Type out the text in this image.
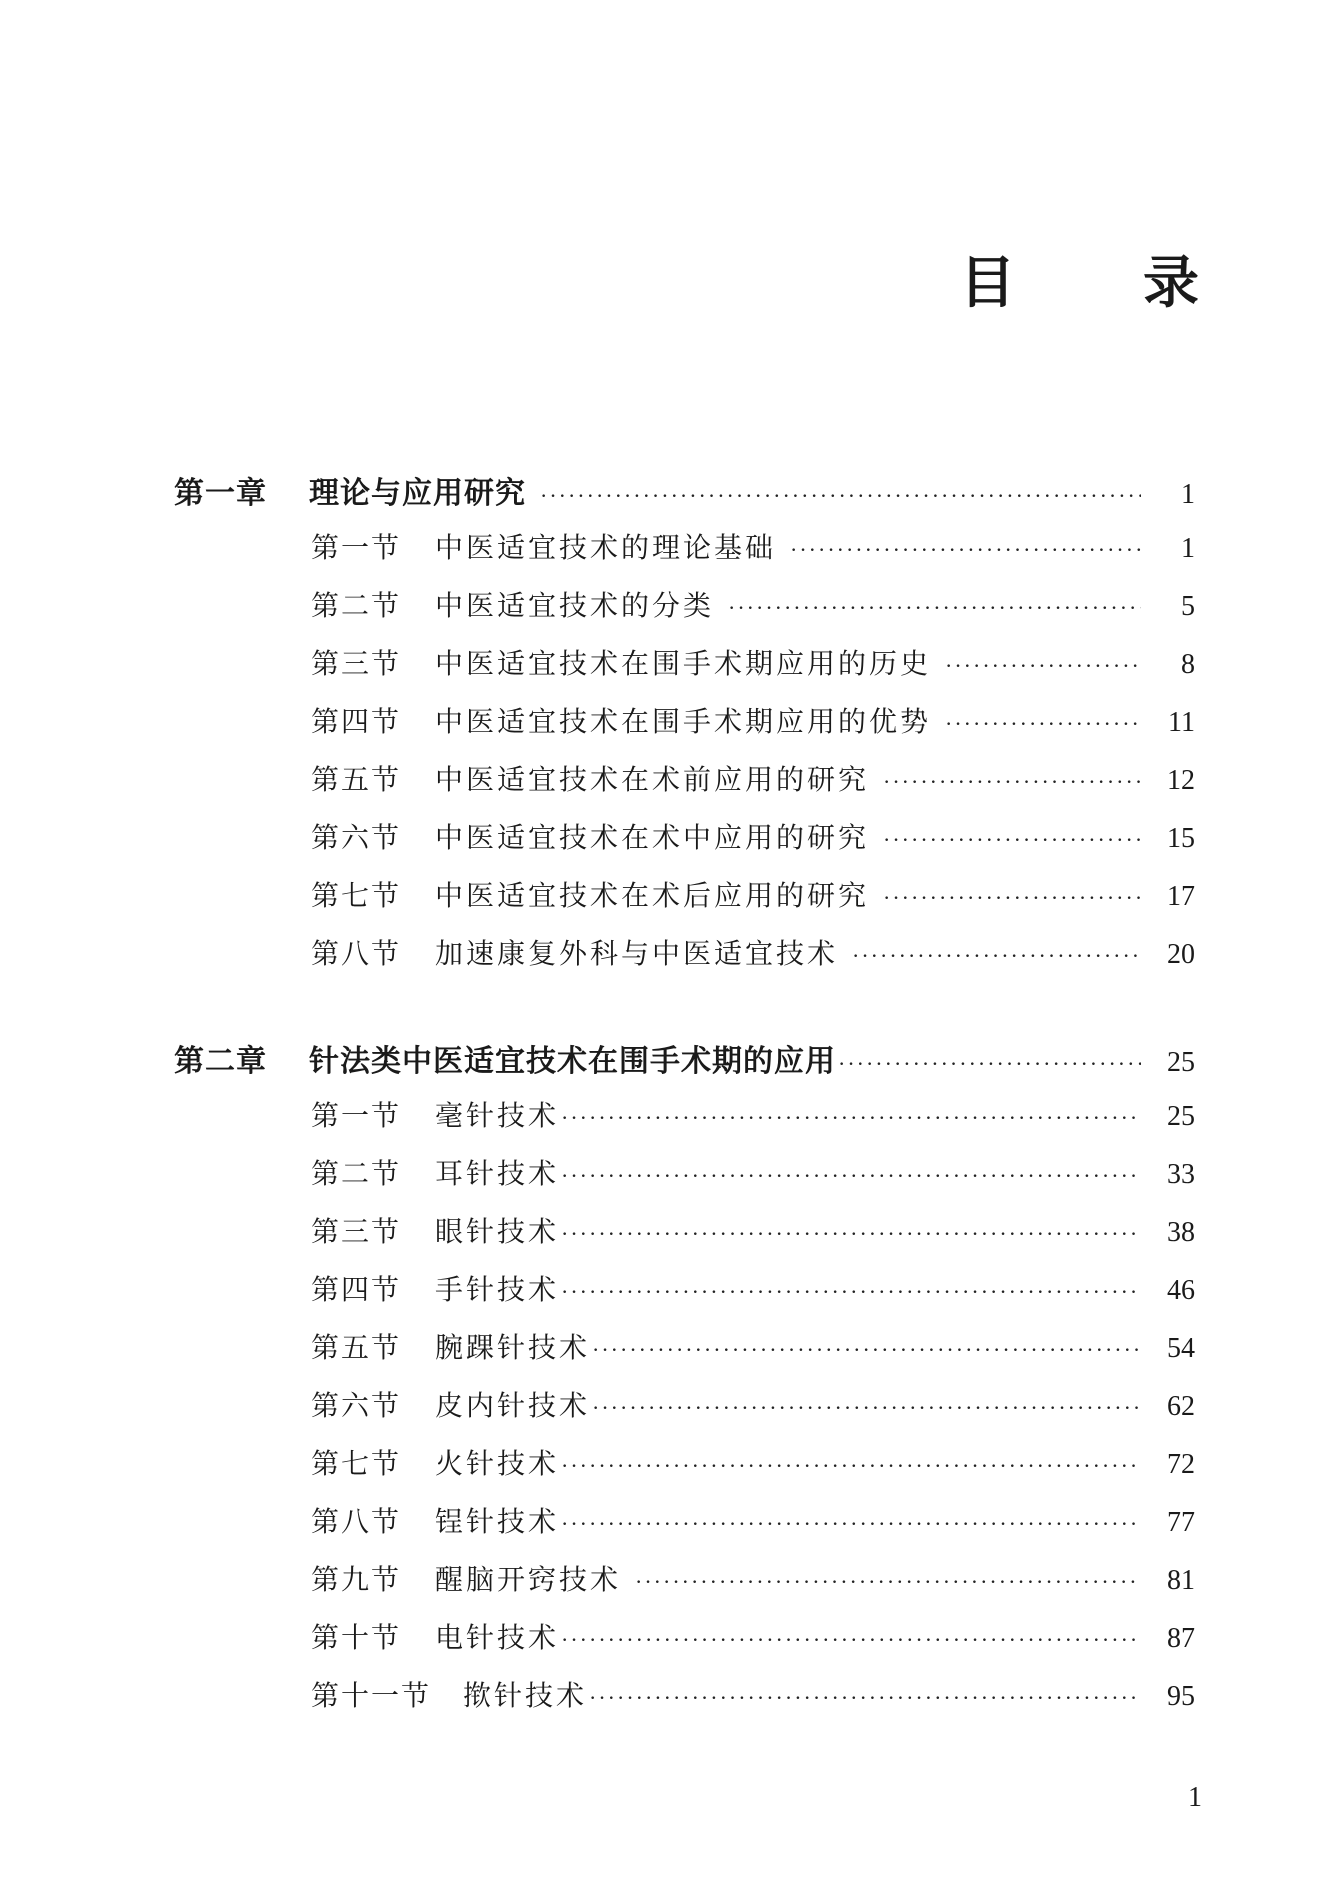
目 录
第一章	理论与应用研究 ·····	1
第一节	中医适宜技术的理论基础 ·····	1
第二节	中医适宜技术的分类 ·····	5
第三节	中医适宜技术在围手术期应用的历史 ·····	8
第四节	中医适宜技术在围手术期应用的优势 ·····	11
第五节	中医适宜技术在术前应用的研究 ·····	12
第六节	中医适宜技术在术中应用的研究 ·····	15
第七节	中医适宜技术在术后应用的研究 ·····	17
第八节	加速康复外科与中医适宜技术 ·····	20
第二章	针法类中医适宜技术在围手术期的应用 ·····	25
第一节	毫针技术 ·····	25
第二节	耳针技术 ·····	33
第三节	眼针技术 ·····	38
第四节	手针技术 ·····	46
第五节	腕踝针技术 ·····	54
第六节	皮内针技术 ·····	62
第七节	火针技术 ·····	72
第八节	锃针技术 ·····	77
第九节	醒脑开窍技术 ·····	81
第十节	电针技术 ·····	87
第十一节	揿针技术 ·····	95
1
